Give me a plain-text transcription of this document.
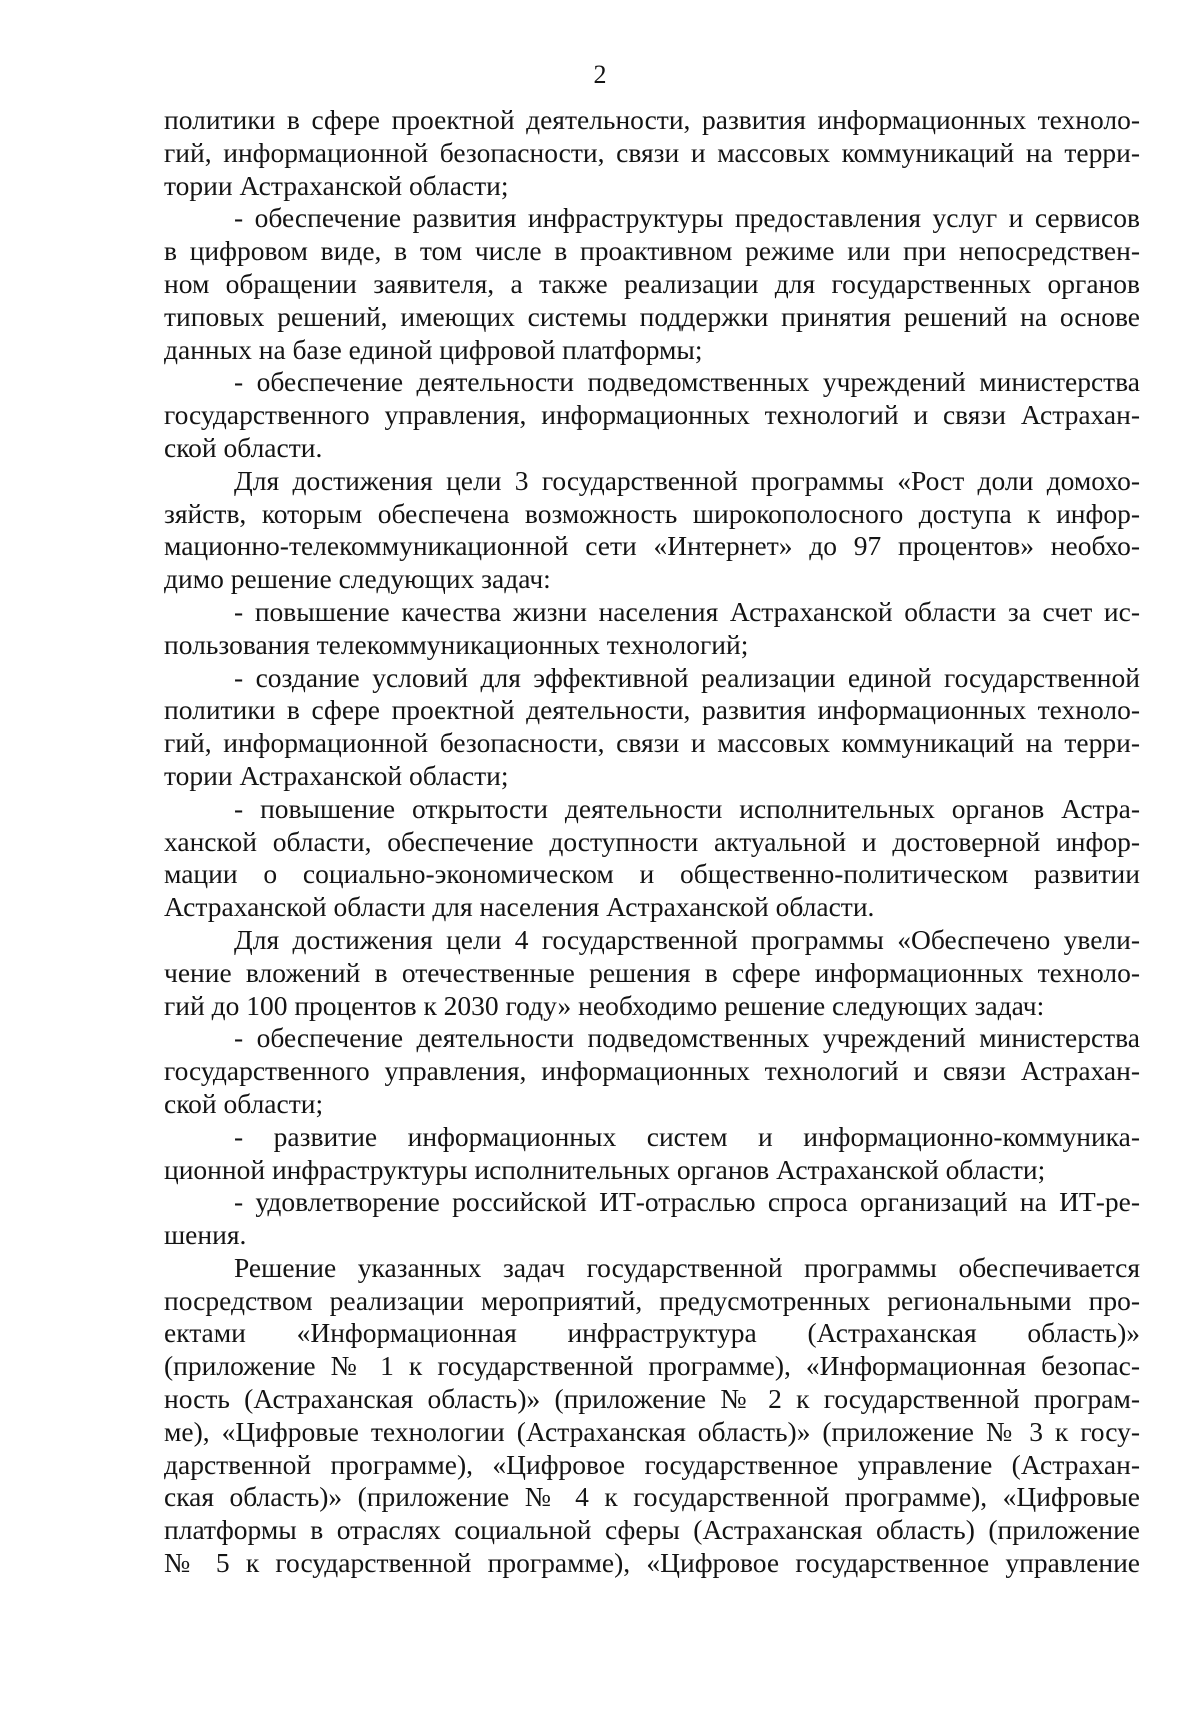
2
политики в сфере проектной деятельности, развития информационных техноло-
гий, информационной безопасности, связи и массовых коммуникаций на терри-
тории Астраханской области;
- обеспечение развития инфраструктуры предоставления услуг и сервисов
в цифровом виде, в том числе в проактивном режиме или при непосредствен-
ном обращении заявителя, а также реализации для государственных органов
типовых решений, имеющих системы поддержки принятия решений на основе
данных на базе единой цифровой платформы;
- обеспечение деятельности подведомственных учреждений министерства
государственного управления, информационных технологий и связи Астрахан-
ской области.
Для достижения цели 3 государственной программы «Рост доли домохо-
зяйств, которым обеспечена возможность широкополосного доступа к инфор-
мационно-телекоммуникационной сети «Интернет» до 97 процентов» необхо-
димо решение следующих задач:
- повышение качества жизни населения Астраханской области за счет ис-
пользования телекоммуникационных технологий;
- создание условий для эффективной реализации единой государственной
политики в сфере проектной деятельности, развития информационных техноло-
гий, информационной безопасности, связи и массовых коммуникаций на терри-
тории Астраханской области;
- повышение открытости деятельности исполнительных органов Астра-
ханской области, обеспечение доступности актуальной и достоверной инфор-
мации о социально-экономическом и общественно-политическом развитии
Астраханской области для населения Астраханской области.
Для достижения цели 4 государственной программы «Обеспечено увели-
чение вложений в отечественные решения в сфере информационных техноло-
гий до 100 процентов к 2030 году» необходимо решение следующих задач:
- обеспечение деятельности подведомственных учреждений министерства
государственного управления, информационных технологий и связи Астрахан-
ской области;
- развитие информационных систем и информационно-коммуника-
ционной инфраструктуры исполнительных органов Астраханской области;
- удовлетворение российской ИТ-отраслью спроса организаций на ИТ-ре-
шения.
Решение указанных задач государственной программы обеспечивается
посредством реализации мероприятий, предусмотренных региональными про-
ектами «Информационная инфраструктура (Астраханская область)»
(приложение № 1 к государственной программе), «Информационная безопас-
ность (Астраханская область)» (приложение № 2 к государственной програм-
ме), «Цифровые технологии (Астраханская область)» (приложение № 3 к госу-
дарственной программе), «Цифровое государственное управление (Астрахан-
ская область)» (приложение № 4 к государственной программе), «Цифровые
платформы в отраслях социальной сферы (Астраханская область) (приложение
№ 5 к государственной программе), «Цифровое государственное управление
